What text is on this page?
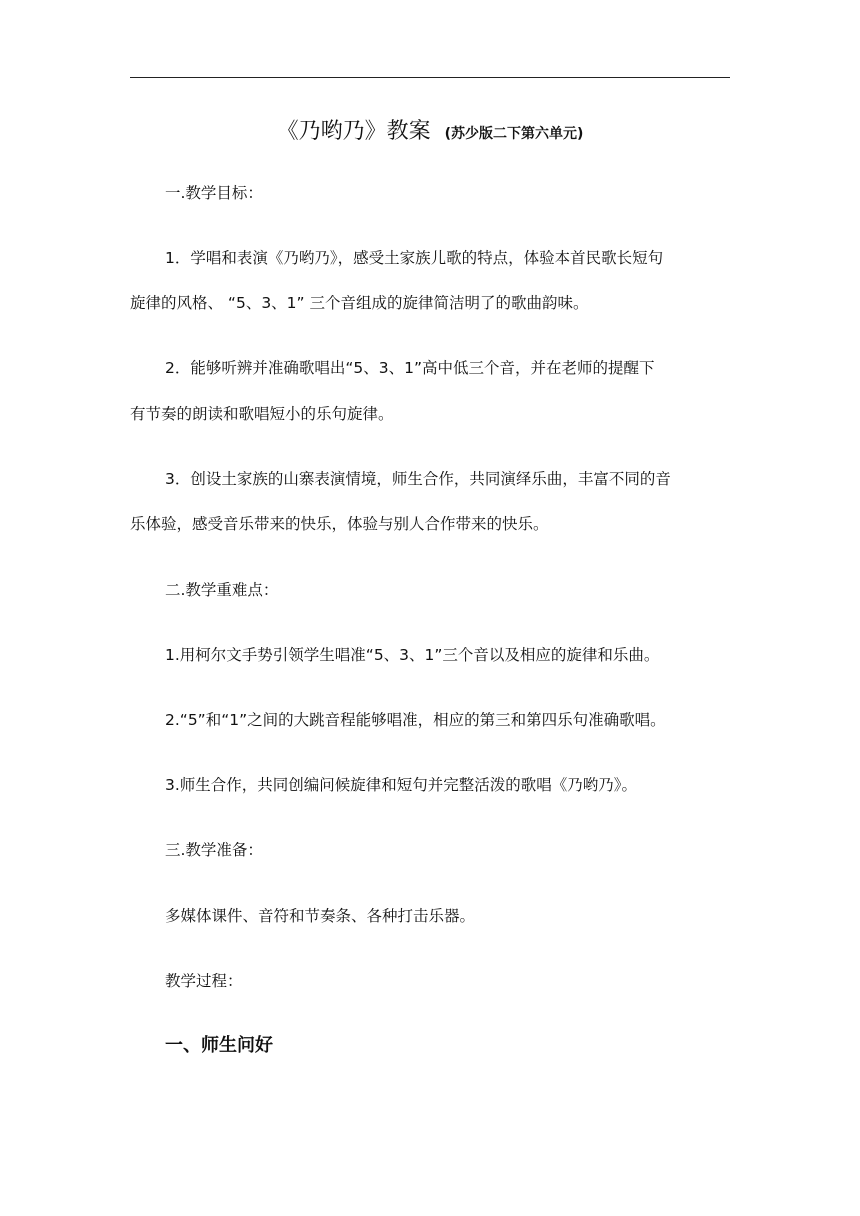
《乃哟乃》教案 (苏少版二下第六单元)
一.教学目标：
1．学唱和表演《乃哟乃》，感受土家族儿歌的特点，体验本首民歌长短句
旋律的风格、 “5、3、1” 三个音组成的旋律简洁明了的歌曲韵味。
2．能够听辨并准确歌唱出“5、3、1”高中低三个音，并在老师的提醒下
有节奏的朗读和歌唱短小的乐句旋律。
3．创设土家族的山寨表演情境，师生合作，共同演绎乐曲，丰富不同的音
乐体验，感受音乐带来的快乐，体验与别人合作带来的快乐。
二.教学重难点：
1.用柯尔文手势引领学生唱准“5、3、1”三个音以及相应的旋律和乐曲。
2.“5”和“1”之间的大跳音程能够唱准，相应的第三和第四乐句准确歌唱。
3.师生合作，共同创编问候旋律和短句并完整活泼的歌唱《乃哟乃》。
三.教学准备：
多媒体课件、音符和节奏条、各种打击乐器。
教学过程：
一、师生问好
